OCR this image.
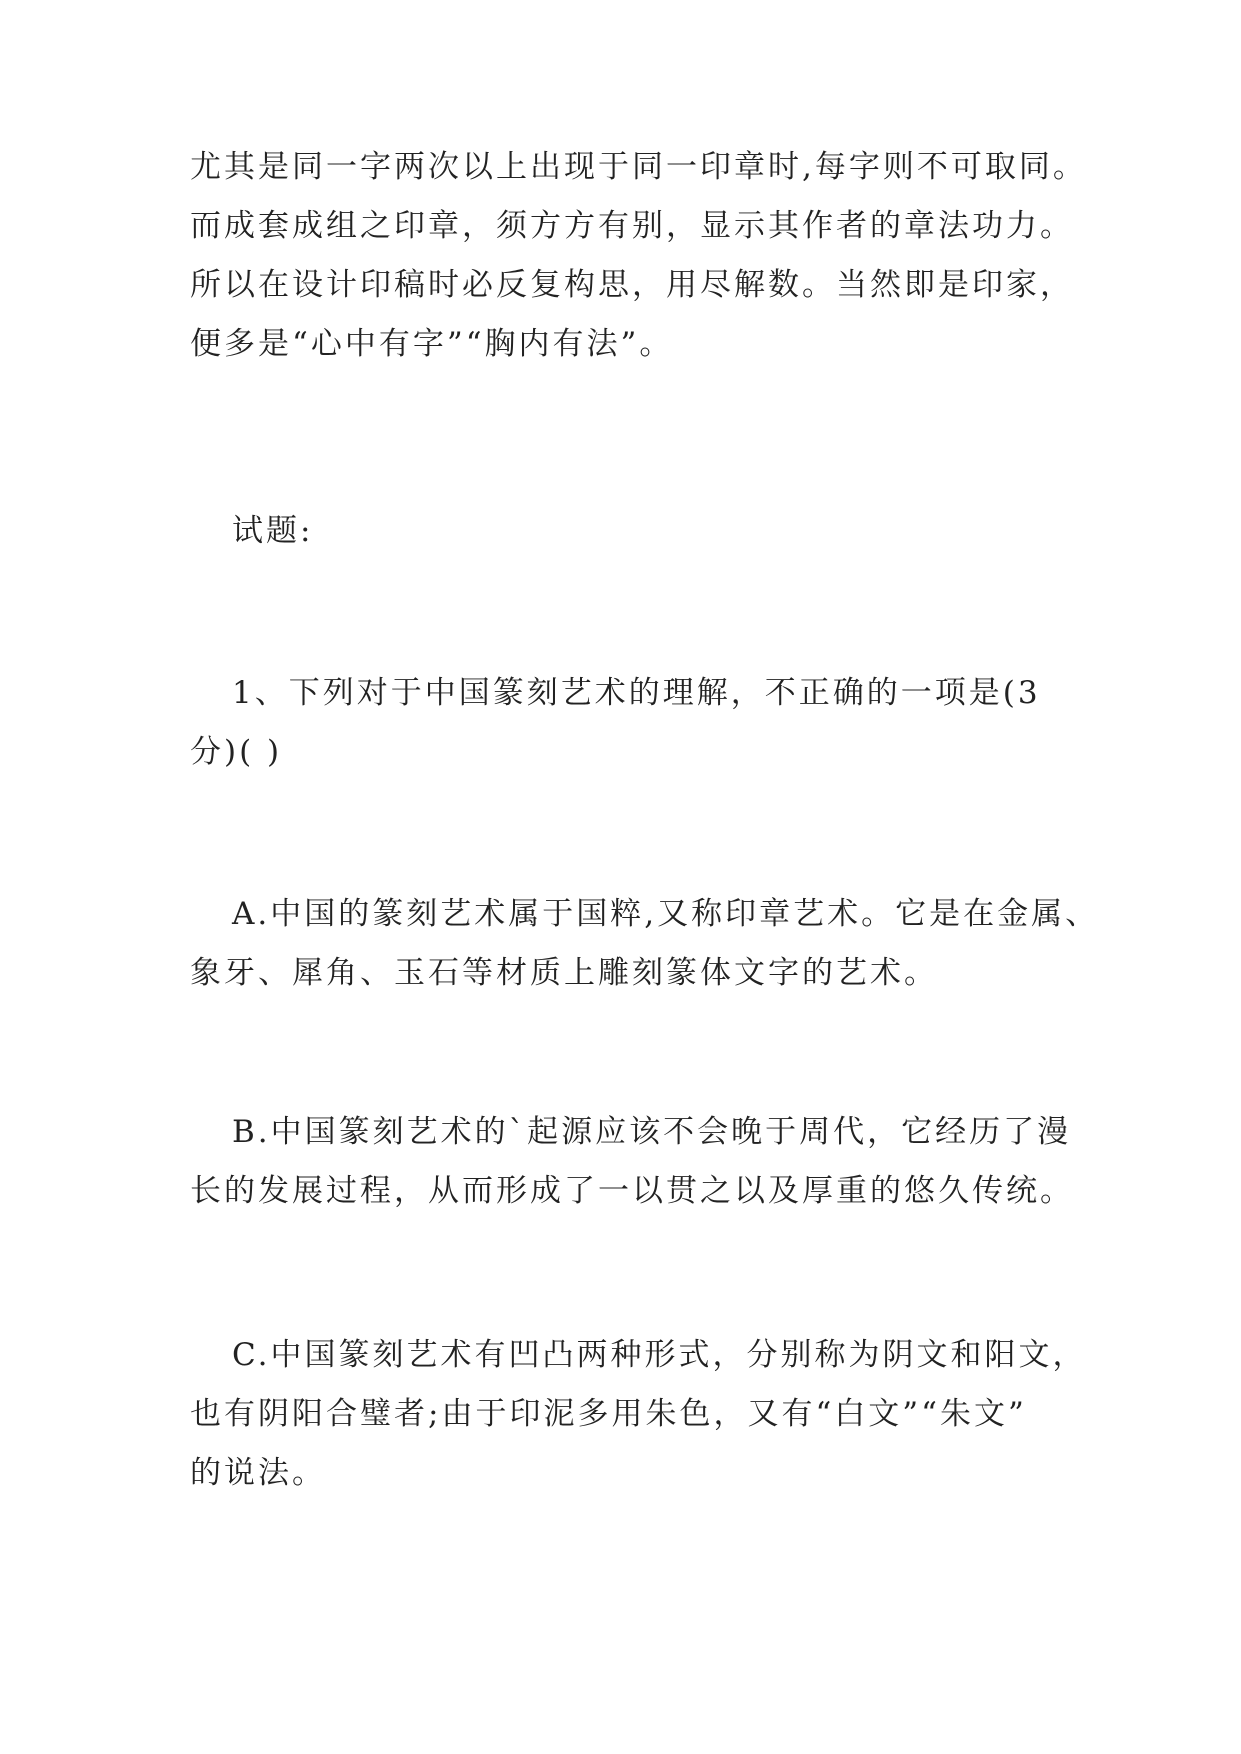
尤其是同一字两次以上出现于同一印章时,每字则不可取同。
而成套成组之印章，须方方有别，显示其作者的章法功力。
所以在设计印稿时必反复构思，用尽解数。当然即是印家，
便多是“心中有字”“胸内有法”。
试题:
1、下列对于中国篆刻艺术的理解，不正确的一项是(3
分)( )
A.中国的篆刻艺术属于国粹,又称印章艺术。它是在金属、
象牙、犀角、玉石等材质上雕刻篆体文字的艺术。
B.中国篆刻艺术的`起源应该不会晚于周代，它经历了漫
长的发展过程，从而形成了一以贯之以及厚重的悠久传统。
C.中国篆刻艺术有凹凸两种形式，分别称为阴文和阳文，
也有阴阳合璧者;由于印泥多用朱色，又有“白文”“朱文”
的说法。
